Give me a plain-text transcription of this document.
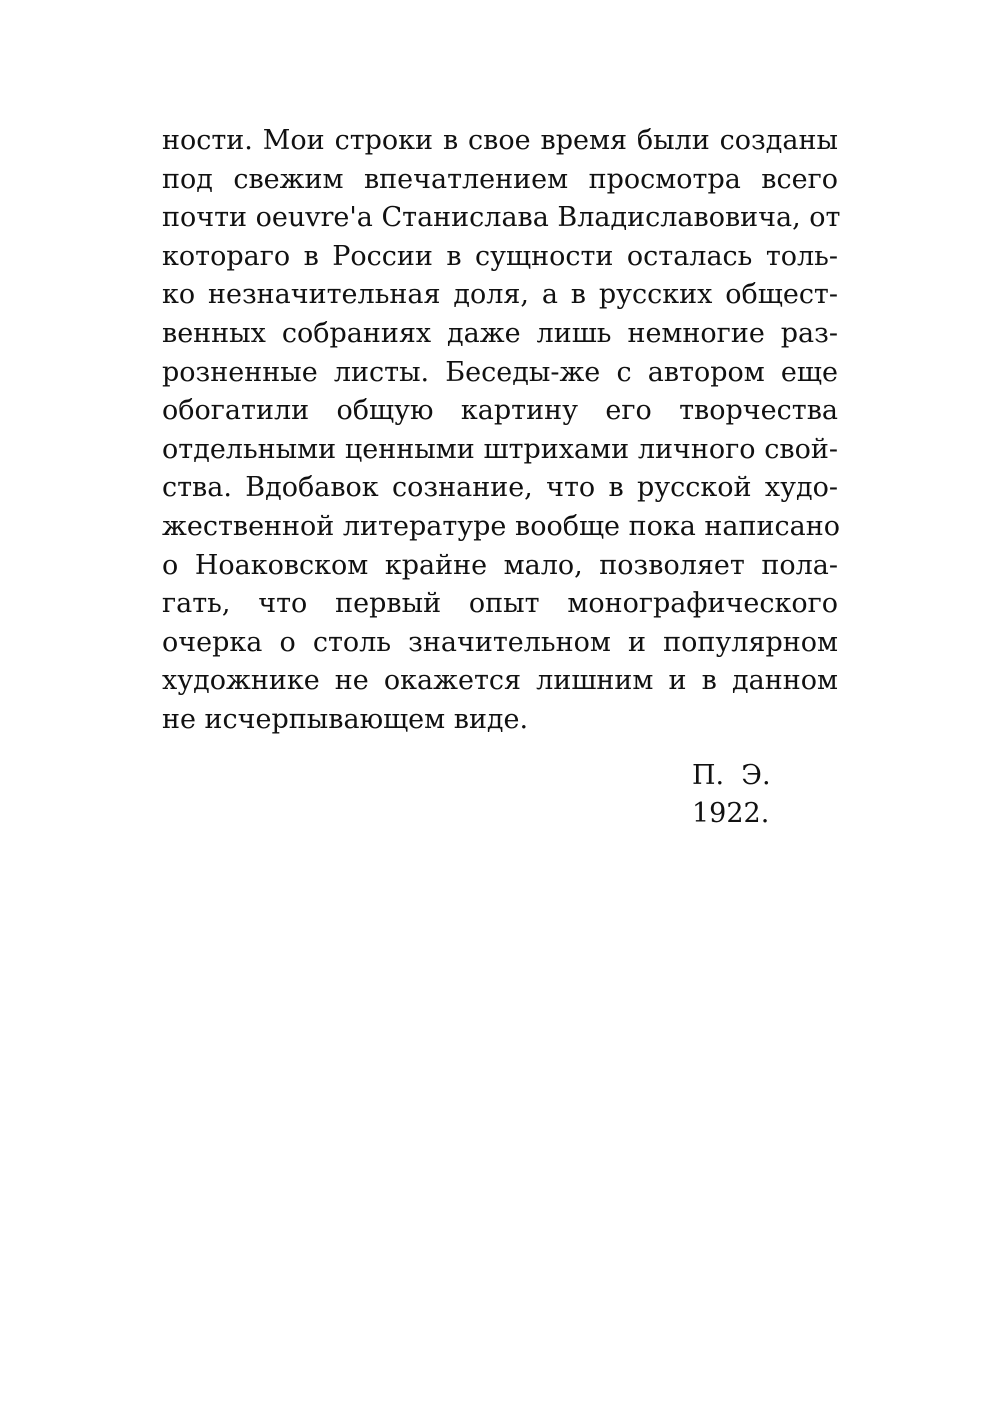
ности. Мои строки в свое время были созданы
под свежим впечатлением просмотра всего
почти oeuvre'а Станислава Владиславовича, от
котораго в России в сущности осталась толь-
ко незначительная доля, а в русских общест-
венных собраниях даже лишь немногие раз-
розненные листы. Беседы-же с автором еще
обогатили общую картину его творчества
отдельными ценными штрихами личного свой-
ства. Вдобавок сознание, что в русской худо-
жественной литературе вообще пока написано
о Ноаковском крайне мало, позволяет пола-
гать, что первый опыт монографического
очерка о столь значительном и популярном
художнике не окажется лишним и в данном
не исчерпывающем виде.
П.  Э.
1922.
